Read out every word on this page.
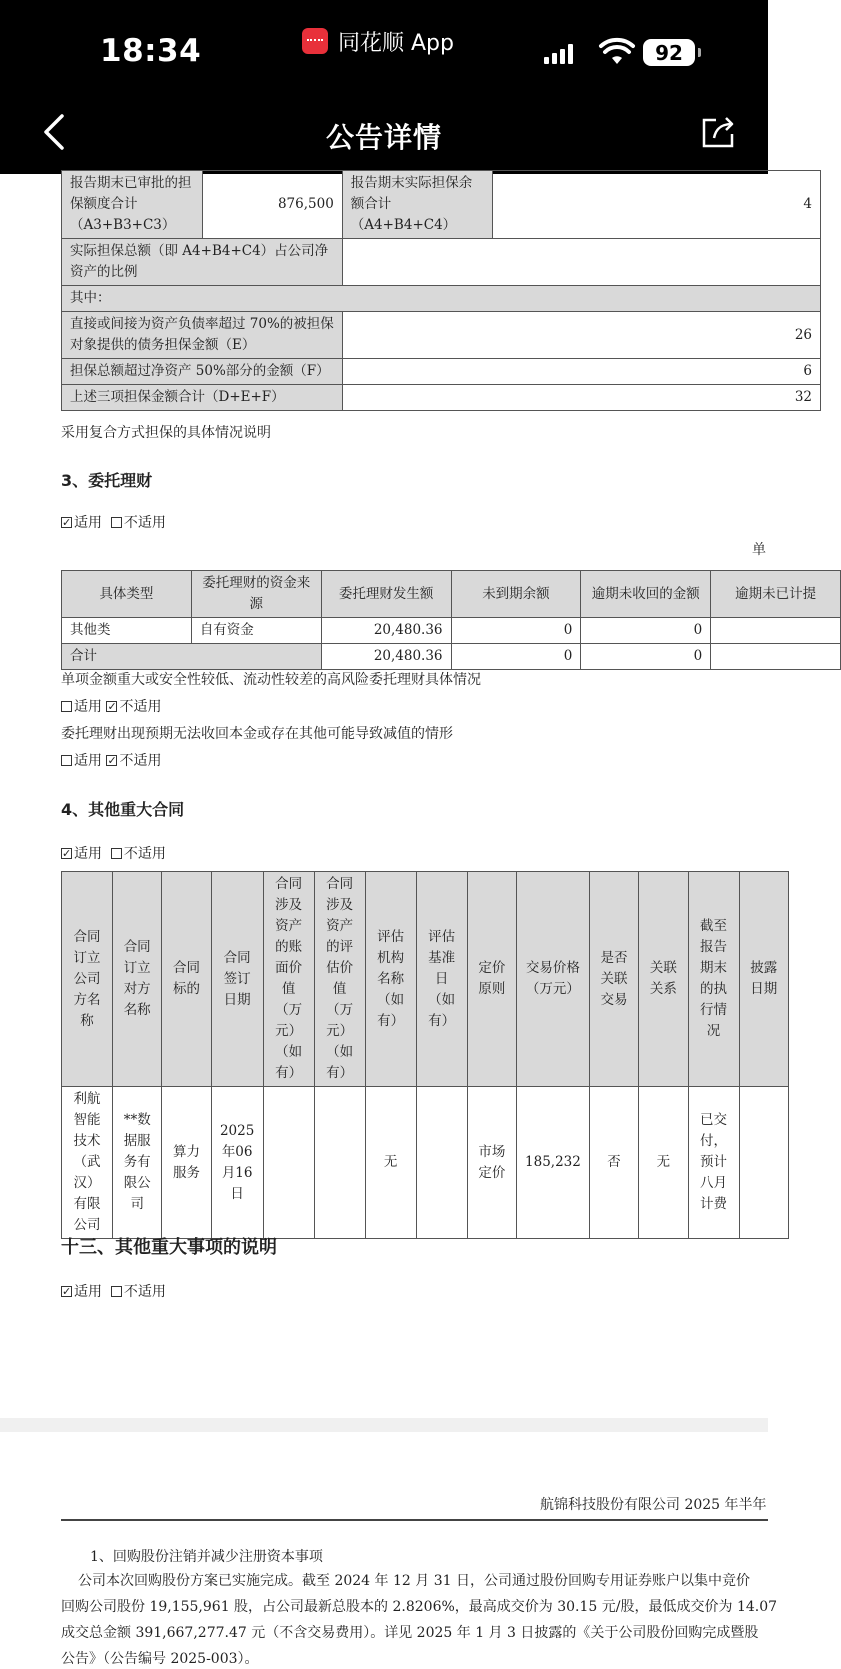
18:34	同花顺 App	92
公告详情
报告期末已审批的担保额度合计（A3+B3+C3）	876,500	报告期末实际担保余额合计（A4+B4+C4）	4
实际担保总额（即 A4+B4+C4）占公司净资产的比例			
其中：			
直接或间接为资产负债率超过 70%的被担保对象提供的债务担保金额（E）		26	
担保总额超过净资产 50%部分的金额（F）		6	
上述三项担保金额合计（D+E+F）		32	
采用复合方式担保的具体情况说明
3、委托理财
✓适用 不适用
单
具体类型	委托理财的资金来源	委托理财发生额	未到期余额	逾期未收回的金额	逾期未已计提
其他类	自有资金	20,480.36	0	0	
合计		20,480.36	0	0	
单项金额重大或安全性较低、流动性较差的高风险委托理财具体情况
适用 ✓ 不适用
委托理财出现预期无法收回本金或存在其他可能导致减值的情形
适用 ✓ 不适用
4、其他重大合同
✓适用 不适用
合同订立公司方名称	合同订立对方名称	合同标的	合同签订日期	合同涉及资产的账面价值（万元）（如有）	合同涉及资产的评估价值（万元）（如有）	评估机构名称（如有）	评估基准日（如有）	定价原则	交易价格（万元）	是否关联交易	关联关系	截至报告期末的执行情况	披露日期
利航智能技术（武汉）有限公司	**数据服务有限公司	算力服务	2025年06月16日			无		市场定价	185,232	否	无	已交付，预计八月计费	
十三、其他重大事项的说明
✓适用 不适用
航锦科技股份有限公司 2025 年半年
1、回购股份注销并减少注册资本事项
公司本次回购股份方案已实施完成。截至 2024 年 12 月 31 日，公司通过股份回购专用证券账户以集中竞价
回购公司股份 19,155,961 股，占公司最新总股本的 2.8206%，最高成交价为 30.15 元/股，最低成交价为 14.07
成交总金额 391,667,277.47 元（不含交易费用）。详见 2025 年 1 月 3 日披露的《关于公司股份回购完成暨股
公告》（公告编号 2025-003）。
